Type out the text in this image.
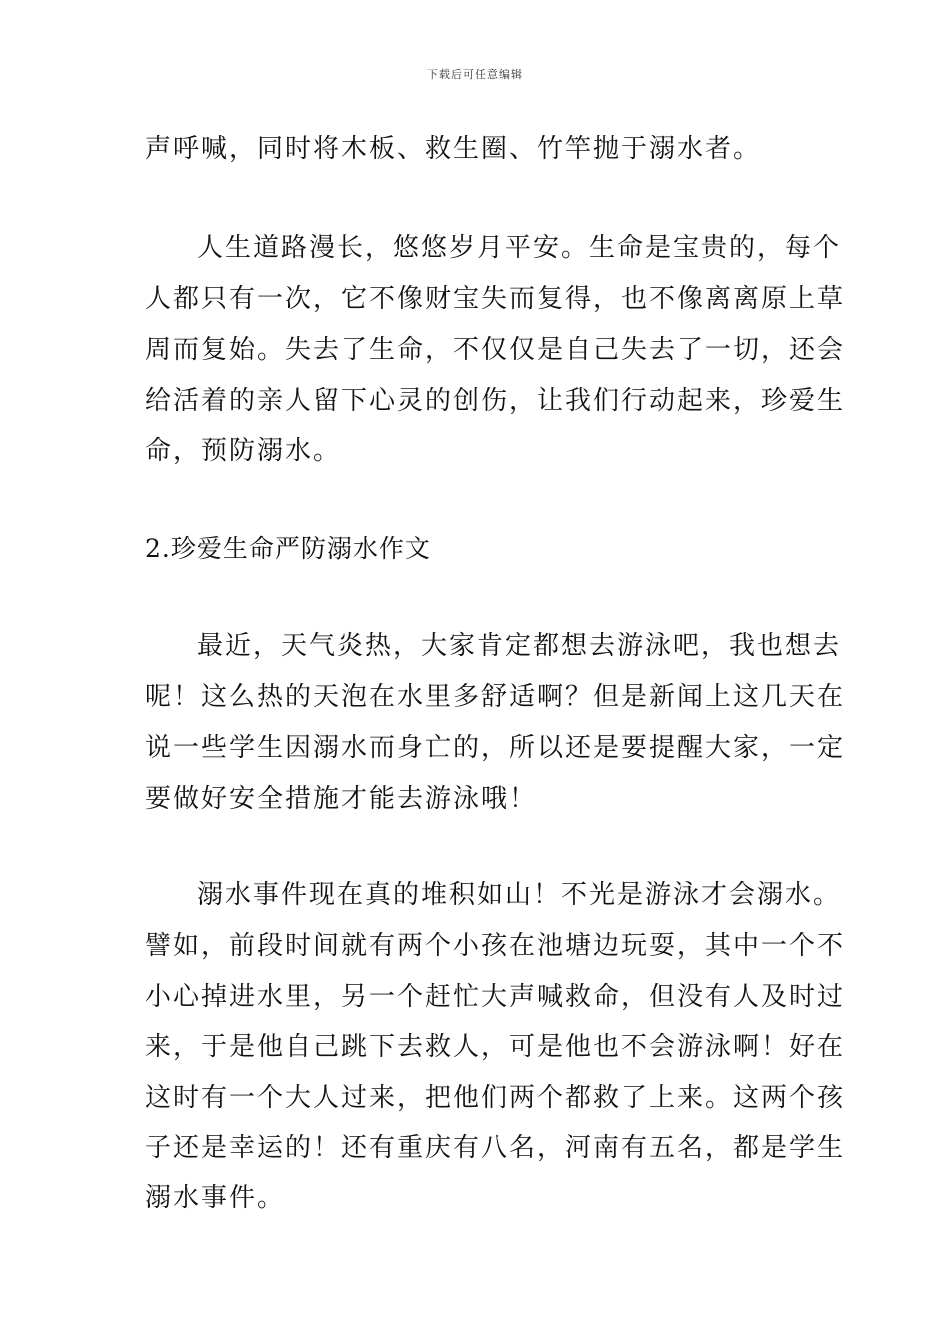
下载后可任意编辑
声呼喊，同时将木板、救生圈、竹竿抛于溺水者。
人生道路漫长，悠悠岁月平安。生命是宝贵的，每个
人都只有一次，它不像财宝失而复得，也不像离离原上草
周而复始。失去了生命，不仅仅是自己失去了一切，还会
给活着的亲人留下心灵的创伤，让我们行动起来，珍爱生
命，预防溺水。
2.珍爱生命严防溺水作文
最近，天气炎热，大家肯定都想去游泳吧，我也想去
呢！这么热的天泡在水里多舒适啊？但是新闻上这几天在
说一些学生因溺水而身亡的，所以还是要提醒大家，一定
要做好安全措施才能去游泳哦！
溺水事件现在真的堆积如山！不光是游泳才会溺水。
譬如，前段时间就有两个小孩在池塘边玩耍，其中一个不
小心掉进水里，另一个赶忙大声喊救命，但没有人及时过
来，于是他自己跳下去救人，可是他也不会游泳啊！好在
这时有一个大人过来，把他们两个都救了上来。这两个孩
子还是幸运的！还有重庆有八名，河南有五名，都是学生
溺水事件。
